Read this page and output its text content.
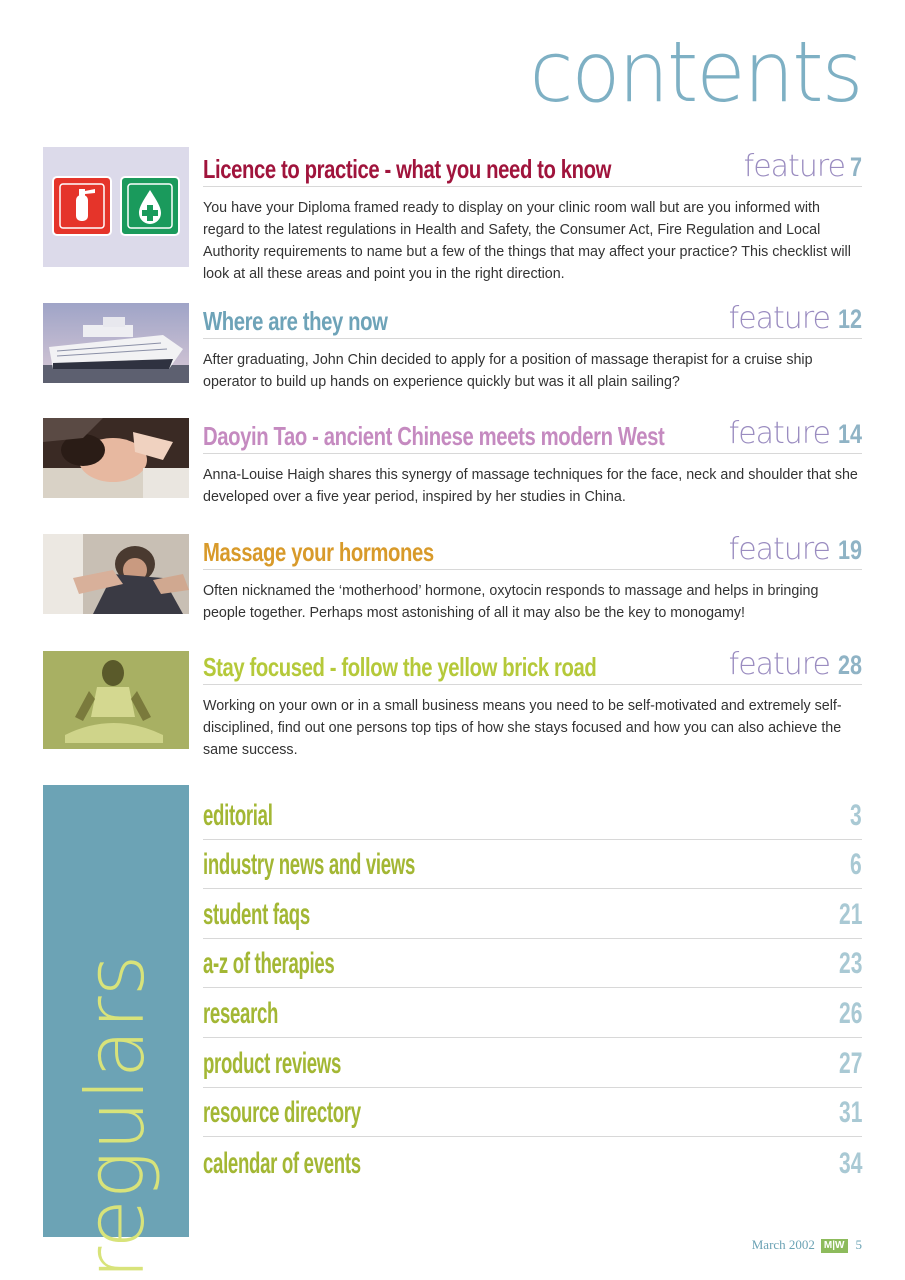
contents
Licence to practice - what you need to know	feature 7
You have your Diploma framed ready to display on your clinic room wall but are you informed with regard to the latest regulations in Health and Safety, the Consumer Act, Fire Regulation and Local Authority requirements to name but a few of the things that may affect your practice? This checklist will look at all these areas and point you in the right direction.
Where are they now	feature 12
After graduating, John Chin decided to apply for a position of massage therapist for a cruise ship operator to build up hands on experience quickly but was it all plain sailing?
Daoyin Tao - ancient Chinese meets modern West feature 14
Anna-Louise Haigh shares this synergy of massage techniques for the face, neck and shoulder that she developed over a five year period, inspired by her studies in China.
Massage your hormones	feature 19
Often nicknamed the ‘motherhood’ hormone, oxytocin responds to massage and helps in bringing people together. Perhaps most astonishing of all it may also be the key to monogamy!
Stay focused - follow the yellow brick road	feature 28
Working on your own or in a small business means you need to be self-motivated and extremely self-disciplined, find out one persons top tips of how she stays focused and how you can also achieve the same success.
regulars
editorial	3
industry news and views	6
student faqs	21
a-z of therapies	23
research	26
product reviews	27
resource directory	31
calendar of events	34
March 2002 M|W 5
